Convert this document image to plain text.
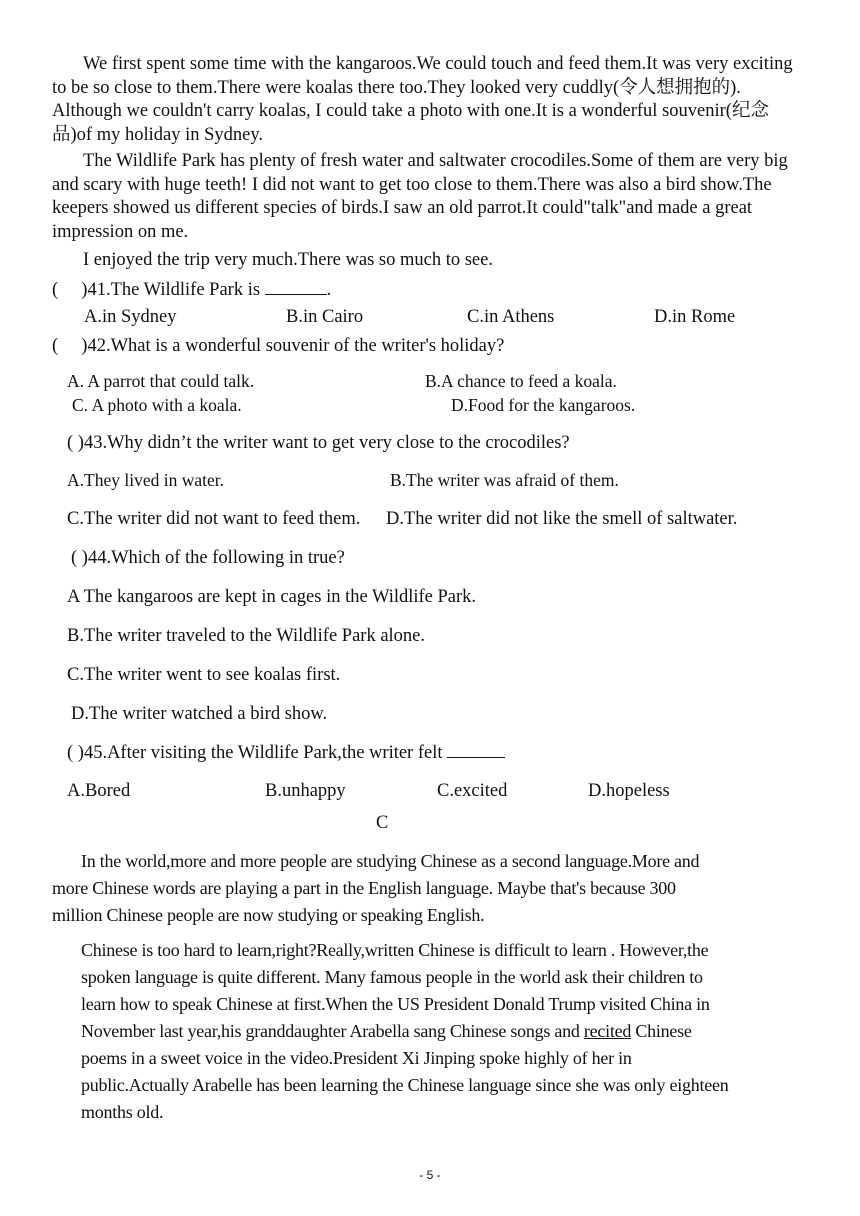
We first spent some time with the kangaroos.We could touch and feed them.It was very exciting to be so close to them.There were koalas there too.They looked very cuddly(令人想拥抱的). Although we couldn't carry koalas, I could take a photo with one.It is a wonderful souvenir(纪念品)of my holiday in Sydney.
The Wildlife Park has plenty of fresh water and saltwater crocodiles.Some of them are very big and scary with huge teeth! I did not want to get too close to them.There was also a bird show.The keepers showed us different species of birds.I saw an old parrot.It could"talk"and made a great impression on me.
I enjoyed the trip very much.There was so much to see.
(     )41.The Wildlife Park is	.
A.in Sydney	B.in Cairo	C.in Athens	D.in Rome
(     )42.What is a wonderful souvenir of the writer's holiday?
A. A parrot that could talk.	B.A chance to feed a koala.
C. A photo with a koala.	D.Food for the kangaroos.
( )43.Why didn’t the writer want to get very close to the crocodiles?
A.They lived in water.	B.The writer was afraid of them.
C.The writer did not want to feed them. D.The writer did not like the smell of saltwater.
( )44.Which of the following in true?
A The kangaroos are kept in cages in the Wildlife Park.
B.The writer traveled to the Wildlife Park alone.
C.The writer went to see koalas first.
D.The writer watched a bird show.
( )45.After visiting the Wildlife Park,the writer felt
A.Bored	B.unhappy	C.excited	D.hopeless
C
In the world,more and more people are studying Chinese as a second language.More and
more Chinese words are playing a part in the English language. Maybe that's because 300
million Chinese people are now studying or speaking English.
Chinese is too hard to learn,right?Really,written Chinese is difficult to learn . However,the
spoken language is quite different. Many famous people in the world ask their children to
learn how to speak Chinese at first.When the US President Donald Trump visited China in
November last year,his granddaughter Arabella sang Chinese songs and recited Chinese
poems in a sweet voice in the video.President Xi Jinping spoke highly of her in
public.Actually Arabelle has been learning the Chinese language since she was only eighteen
months old.
- 5 -
